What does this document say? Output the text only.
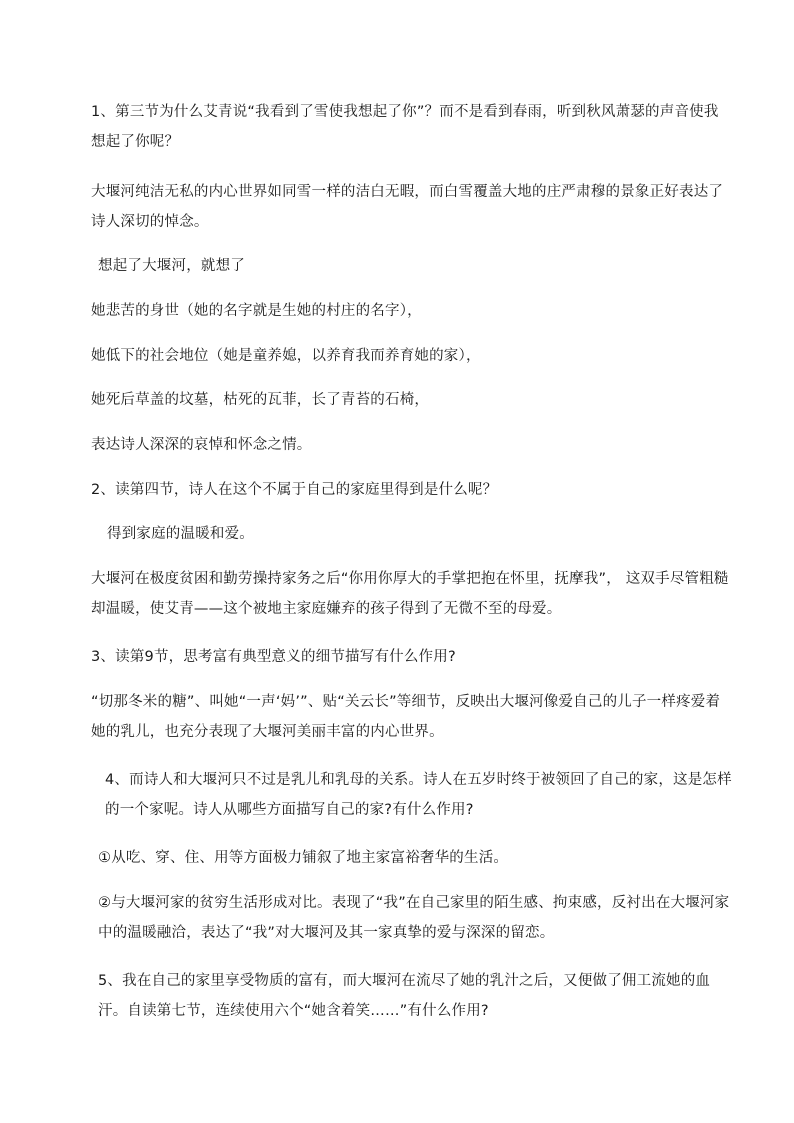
1、第三节为什么艾青说“我看到了雪使我想起了你”？而不是看到春雨，听到秋风萧瑟的声音使我想起了你呢？

大堰河纯洁无私的内心世界如同雪一样的洁白无暇，而白雪覆盖大地的庄严肃穆的景象正好表达了诗人深切的悼念。

想起了大堰河，就想了

她悲苦的身世（她的名字就是生她的村庄的名字），

她低下的社会地位（她是童养媳，以养育我而养育她的家），

她死后草盖的坟墓，枯死的瓦菲，长了青苔的石椅，

表达诗人深深的哀悼和怀念之情。

2、读第四节，诗人在这个不属于自己的家庭里得到是什么呢？

得到家庭的温暖和爱。

大堰河在极度贫困和勤劳操持家务之后“你用你厚大的手掌把抱在怀里，抚摩我”， 这双手尽管粗糙却温暖，使艾青——这个被地主家庭嫌弃的孩子得到了无微不至的母爱。

3、读第9节，思考富有典型意义的细节描写有什么作用?

“切那冬米的糖”、叫她“一声‘妈’”、贴“关云长”等细节，反映出大堰河像爱自己的儿子一样疼爱着她的乳儿，也充分表现了大堰河美丽丰富的内心世界。

4、而诗人和大堰河只不过是乳儿和乳母的关系。诗人在五岁时终于被领回了自己的家，这是怎样的一个家呢。诗人从哪些方面描写自己的家?有什么作用?

①从吃、穿、住、用等方面极力铺叙了地主家富裕奢华的生活。

②与大堰河家的贫穷生活形成对比。表现了“我”在自己家里的陌生感、拘束感，反衬出在大堰河家中的温暖融洽，表达了“我”对大堰河及其一家真挚的爱与深深的留恋。

5、我在自己的家里享受物质的富有，而大堰河在流尽了她的乳汁之后，又便做了佣工流她的血汗。自读第七节，连续使用六个“她含着笑……”有什么作用?
